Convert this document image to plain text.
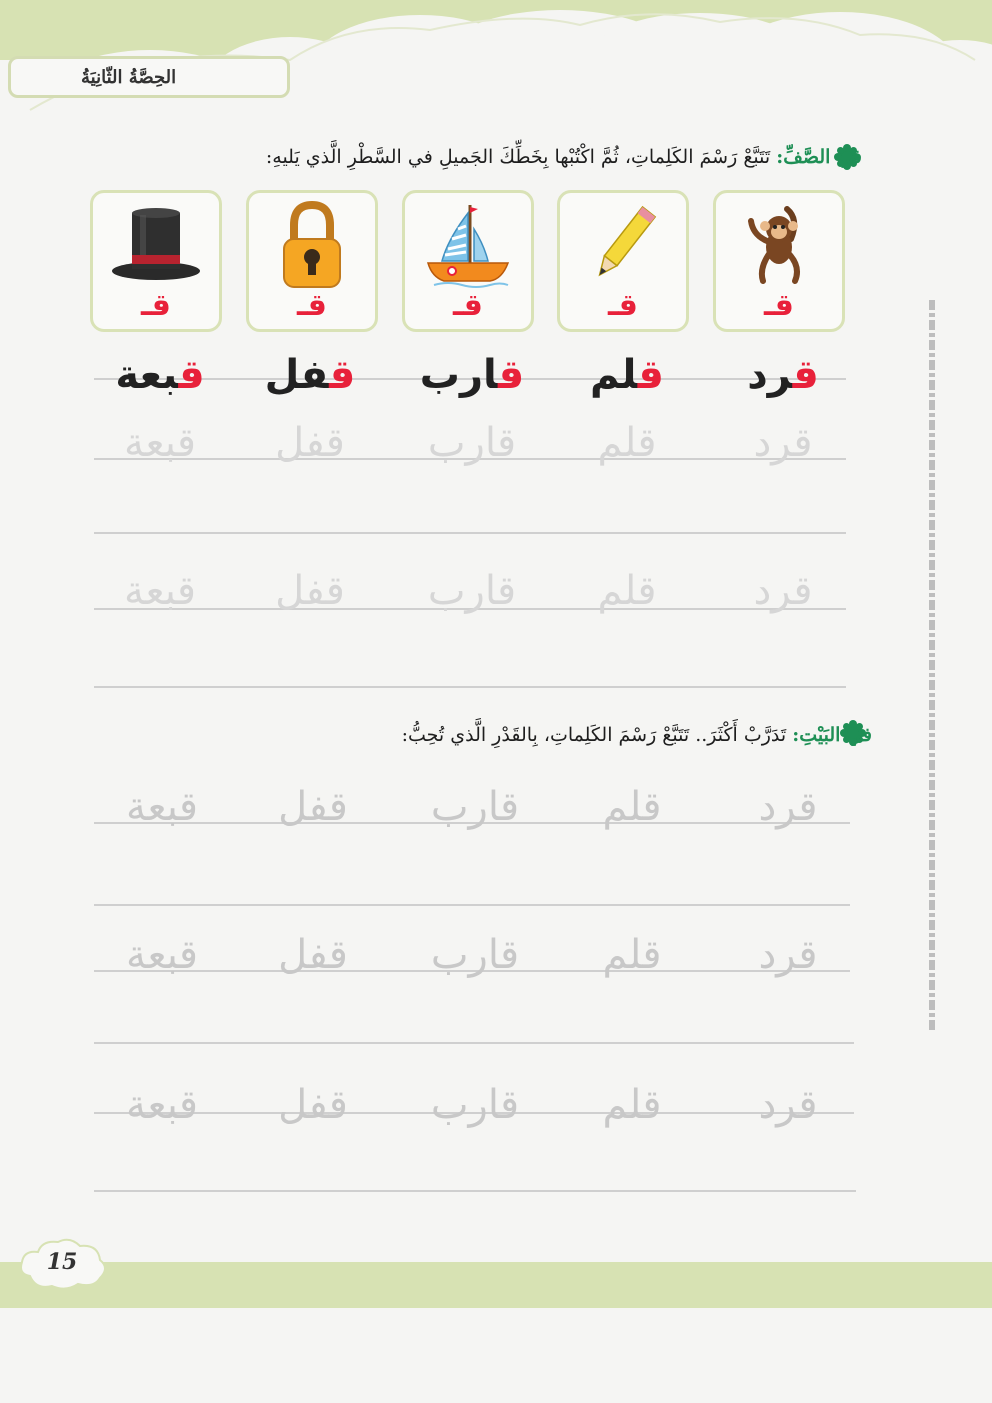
الحِصَّةُ الثّانِيَةُ
في الصَّفِّ: تَتَبَّعْ رَسْمَ الكَلِماتِ، ثُمَّ اكْتُبْها بِخَطِّكَ الجَميلِ في السَّطْرِ الَّذي يَليهِ:
قـ
قـ
قـ
قـ
قـ
قرد
قلم
قارب
قفل
قبعة
قرد
قلم
قارب
قفل
قبعة
قرد
قلم
قارب
قفل
قبعة
في البَيْتِ: تَدَرَّبْ أَكْثَرَ.. تَتَبَّعْ رَسْمَ الكَلِماتِ، بِالقَدْرِ الَّذي تُحِبُّ:
قرد
قلم
قارب
قفل
قبعة
قرد
قلم
قارب
قفل
قبعة
قرد
قلم
قارب
قفل
قبعة
15
